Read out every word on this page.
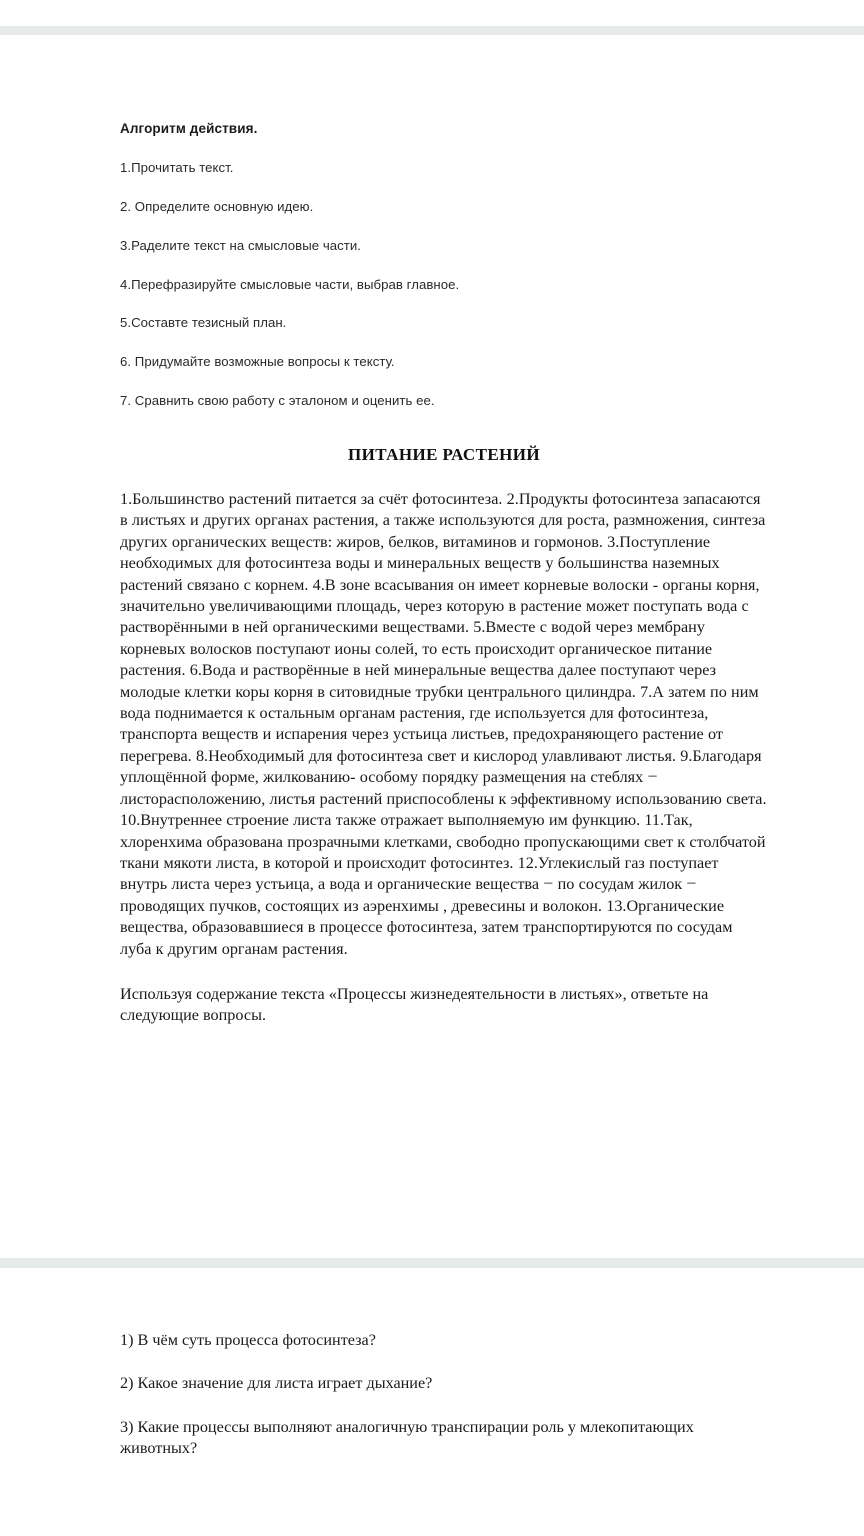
Алгоритм действия.

1.Прочитать текст.

2. Определите основную идею.

3.Раделите текст на смысловые части.

4.Перефразируйте смысловые части, выбрав главное.

5.Составте тезисный план.

6. Придумайте возможные вопросы к тексту.

7. Сравнить свою работу с эталоном и оценить ее.

ПИТАНИЕ РАСТЕНИЙ

1.Большинство растений питается за счёт фотосинтеза. 2.Продукты фотосинтеза запасаются в листьях и других органах растения, а также используются для роста, размножения, синтеза других органических веществ: жиров, белков, витаминов и гормонов. 3.Поступление необходимых для фотосинтеза воды и минеральных веществ у большинства наземных растений связано с корнем. 4.В зоне всасывания он имеет корневые волоски - органы корня, значительно увеличивающими площадь, через которую в растение может поступать вода с растворёнными в ней органическими веществами. 5.Вместе с водой через мембрану корневых волосков поступают ионы солей, то есть происходит органическое питание растения. 6.Вода и растворённые в ней минеральные вещества далее поступают через молодые клетки коры корня в ситовидные трубки центрального цилиндра. 7.А затем по ним вода поднимается к остальным органам растения, где используется для фотосинтеза, транспорта веществ и испарения через устьица листьев, предохраняющего растение от перегрева. 8.Необходимый для фотосинтеза свет и кислород улавливают листья. 9.Благодаря уплощённой форме, жилкованию- особому порядку размещения на стеблях ‒ листорасположению, листья растений приспособлены к эффективному использованию света. 10.Внутреннее строение листа также отражает выполняемую им функцию. 11.Так, хлоренхима образована прозрачными клетками, свободно пропускающими свет к столбчатой ткани мякоти листа, в которой и происходит фотосинтез. 12.Углекислый газ поступает внутрь листа через устьица, а вода и органические вещества ‒ по сосудам жилок ‒ проводящих пучков, состоящих из аэренхимы , древесины и волокон. 13.Органические вещества, образовавшиеся в процессе фотосинтеза, затем транспортируются по сосудам луба к другим органам растения.

Используя содержание текста «Процессы жизнедеятельности в листьях», ответьте на следующие вопросы.

1) В чём суть процесса фотосинтеза?

2) Какое значение для листа играет дыхание?

3) Какие процессы выполняют аналогичную транспирации роль у млекопитающих животных?
